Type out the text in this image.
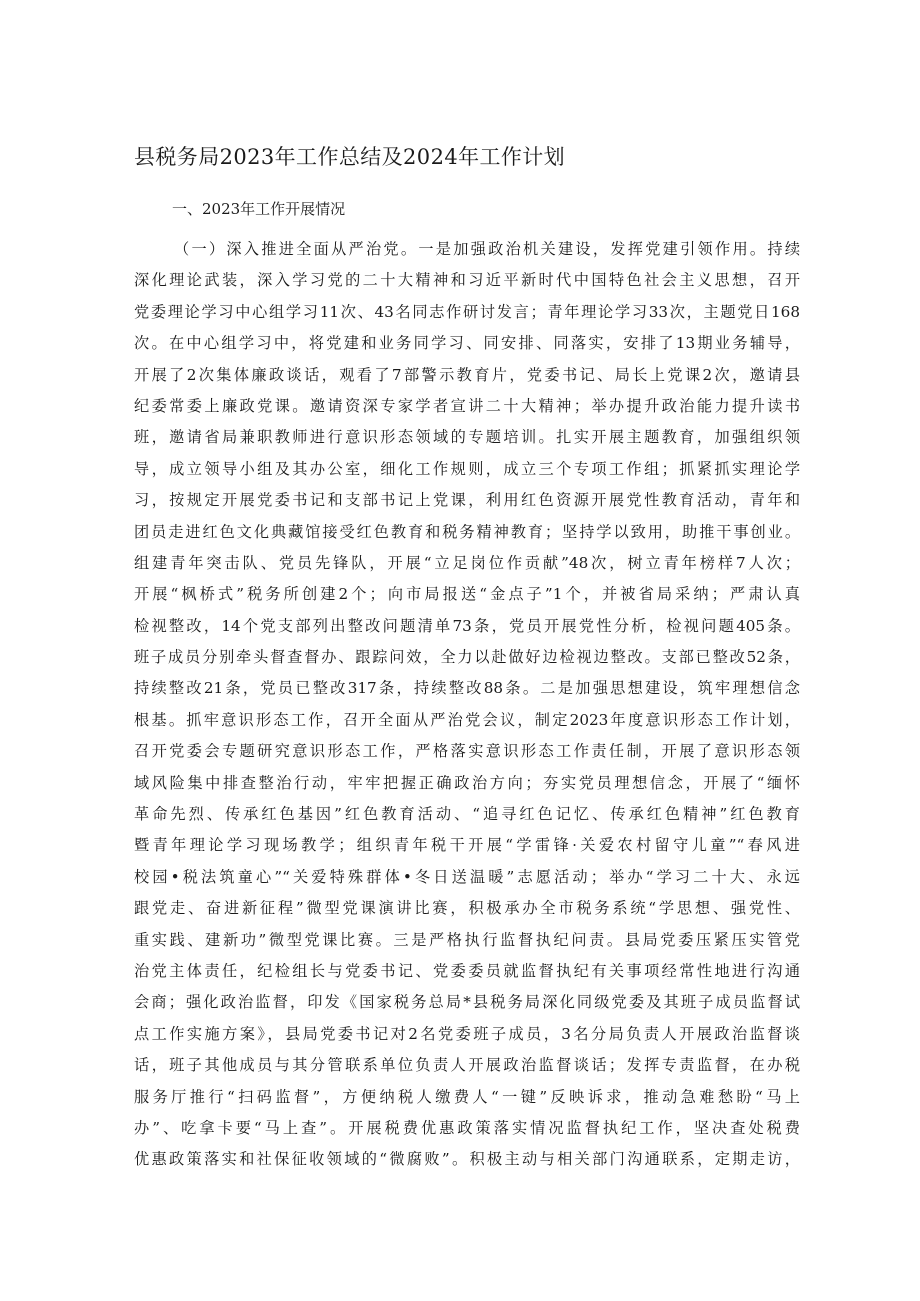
县税务局2023年工作总结及2024年工作计划
一、2023年工作开展情况
（一）深入推进全面从严治党。一是加强政治机关建设，发挥党建引领作用。持续
深化理论武装，深入学习党的二十大精神和习近平新时代中国特色社会主义思想，召开
党委理论学习中心组学习11次、43名同志作研讨发言；青年理论学习33次，主题党日168
次。在中心组学习中，将党建和业务同学习、同安排、同落实，安排了13期业务辅导，
开展了2次集体廉政谈话，观看了7部警示教育片，党委书记、局长上党课2次，邀请县
纪委常委上廉政党课。邀请资深专家学者宣讲二十大精神；举办提升政治能力提升读书
班，邀请省局兼职教师进行意识形态领域的专题培训。扎实开展主题教育，加强组织领
导，成立领导小组及其办公室，细化工作规则，成立三个专项工作组；抓紧抓实理论学
习，按规定开展党委书记和支部书记上党课，利用红色资源开展党性教育活动，青年和
团员走进红色文化典藏馆接受红色教育和税务精神教育；坚持学以致用，助推干事创业。
组建青年突击队、党员先锋队，开展“立足岗位作贡献”48次，树立青年榜样7人次；
开展“枫桥式”税务所创建2个；向市局报送“金点子”1个，并被省局采纳；严肃认真
检视整改，14个党支部列出整改问题清单73条，党员开展党性分析，检视问题405条。
班子成员分别牵头督查督办、跟踪问效，全力以赴做好边检视边整改。支部已整改52条，
持续整改21条，党员已整改317条，持续整改88条。二是加强思想建设，筑牢理想信念
根基。抓牢意识形态工作，召开全面从严治党会议，制定2023年度意识形态工作计划，
召开党委会专题研究意识形态工作，严格落实意识形态工作责任制，开展了意识形态领
域风险集中排查整治行动，牢牢把握正确政治方向；夯实党员理想信念，开展了“缅怀
革命先烈、传承红色基因”红色教育活动、“追寻红色记忆、传承红色精神”红色教育
暨青年理论学习现场教学；组织青年税干开展“学雷锋·关爱农村留守儿童”“春风进
校园•税法筑童心”“关爱特殊群体•冬日送温暖”志愿活动；举办“学习二十大、永远
跟党走、奋进新征程”微型党课演讲比赛，积极承办全市税务系统“学思想、强党性、
重实践、建新功”微型党课比赛。三是严格执行监督执纪问责。县局党委压紧压实管党
治党主体责任，纪检组长与党委书记、党委委员就监督执纪有关事项经常性地进行沟通
会商；强化政治监督，印发《国家税务总局*县税务局深化同级党委及其班子成员监督试
点工作实施方案》，县局党委书记对2名党委班子成员，3名分局负责人开展政治监督谈
话，班子其他成员与其分管联系单位负责人开展政治监督谈话；发挥专责监督，在办税
服务厅推行“扫码监督”，方便纳税人缴费人“一键”反映诉求，推动急难愁盼“马上
办”、吃拿卡要“马上查”。开展税费优惠政策落实情况监督执纪工作，坚决查处税费
优惠政策落实和社保征收领域的“微腐败”。积极主动与相关部门沟通联系，定期走访，
